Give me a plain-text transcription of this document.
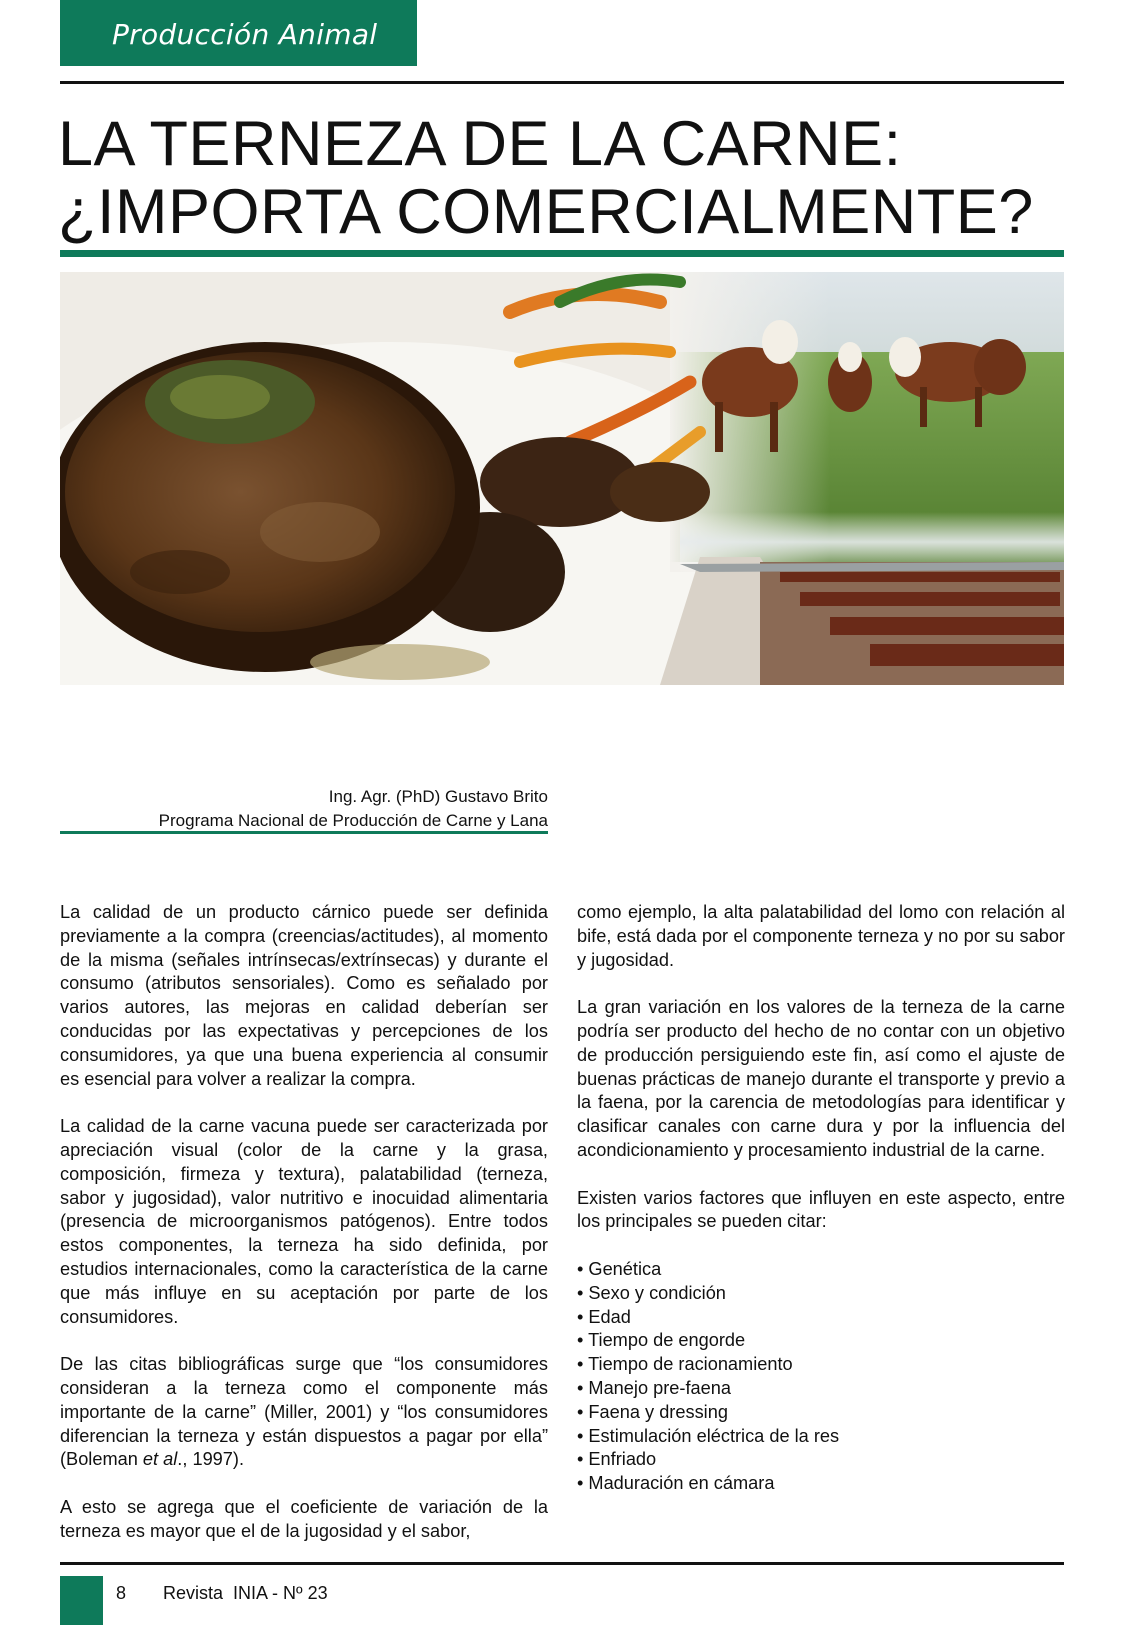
Producción Animal
LA TERNEZA DE LA CARNE:
¿IMPORTA COMERCIALMENTE?
Ing. Agr. (PhD) Gustavo Brito
Programa Nacional de Producción de Carne y Lana

La calidad de un producto cárnico puede ser definida previamente a la compra (creencias/actitudes), al momento de la misma (señales intrínsecas/extrínsecas) y durante el consumo (atributos sensoriales). Como es señalado por varios autores, las mejoras en calidad deberían ser conducidas por las expectativas y percepciones de los consumidores, ya que una buena experiencia al consumir es esencial para volver a realizar la compra.

La calidad de la carne vacuna puede ser caracterizada por apreciación visual (color de la carne y la grasa, composición, firmeza y textura), palatabilidad (terneza, sabor y jugosidad), valor nutritivo e inocuidad alimentaria (presencia de microorganismos patógenos). Entre todos estos componentes, la terneza ha sido definida, por estudios internacionales, como la característica de la carne que más influye en su aceptación por parte de los consumidores.

De las citas bibliográficas surge que “los consumidores consideran a la terneza como el componente más importante de la carne” (Miller, 2001) y “los consumidores diferencian la terneza y están dispuestos a pagar por ella” (Boleman et al., 1997).

A esto se agrega que el coeficiente de variación de la terneza es mayor que el de la jugosidad y el sabor,

como ejemplo, la alta palatabilidad del lomo con relación al bife, está dada por el componente terneza y no por su sabor y jugosidad.

La gran variación en los valores de la terneza de la carne podría ser producto del hecho de no contar con un objetivo de producción persiguiendo este fin, así como el ajuste de buenas prácticas de manejo durante el transporte y previo a la faena, por la carencia de metodologías para identificar y clasificar canales con carne dura y por la influencia del acondicionamiento y procesamiento industrial de la carne.

Existen varios factores que influyen en este aspecto, entre los principales se pueden citar:

• Genética
• Sexo y condición
• Edad
• Tiempo de engorde
• Tiempo de racionamiento
• Manejo pre-faena
• Faena y dressing
• Estimulación eléctrica de la res
• Enfriado
• Maduración en cámara
8 Revista  INIA - Nº 23
